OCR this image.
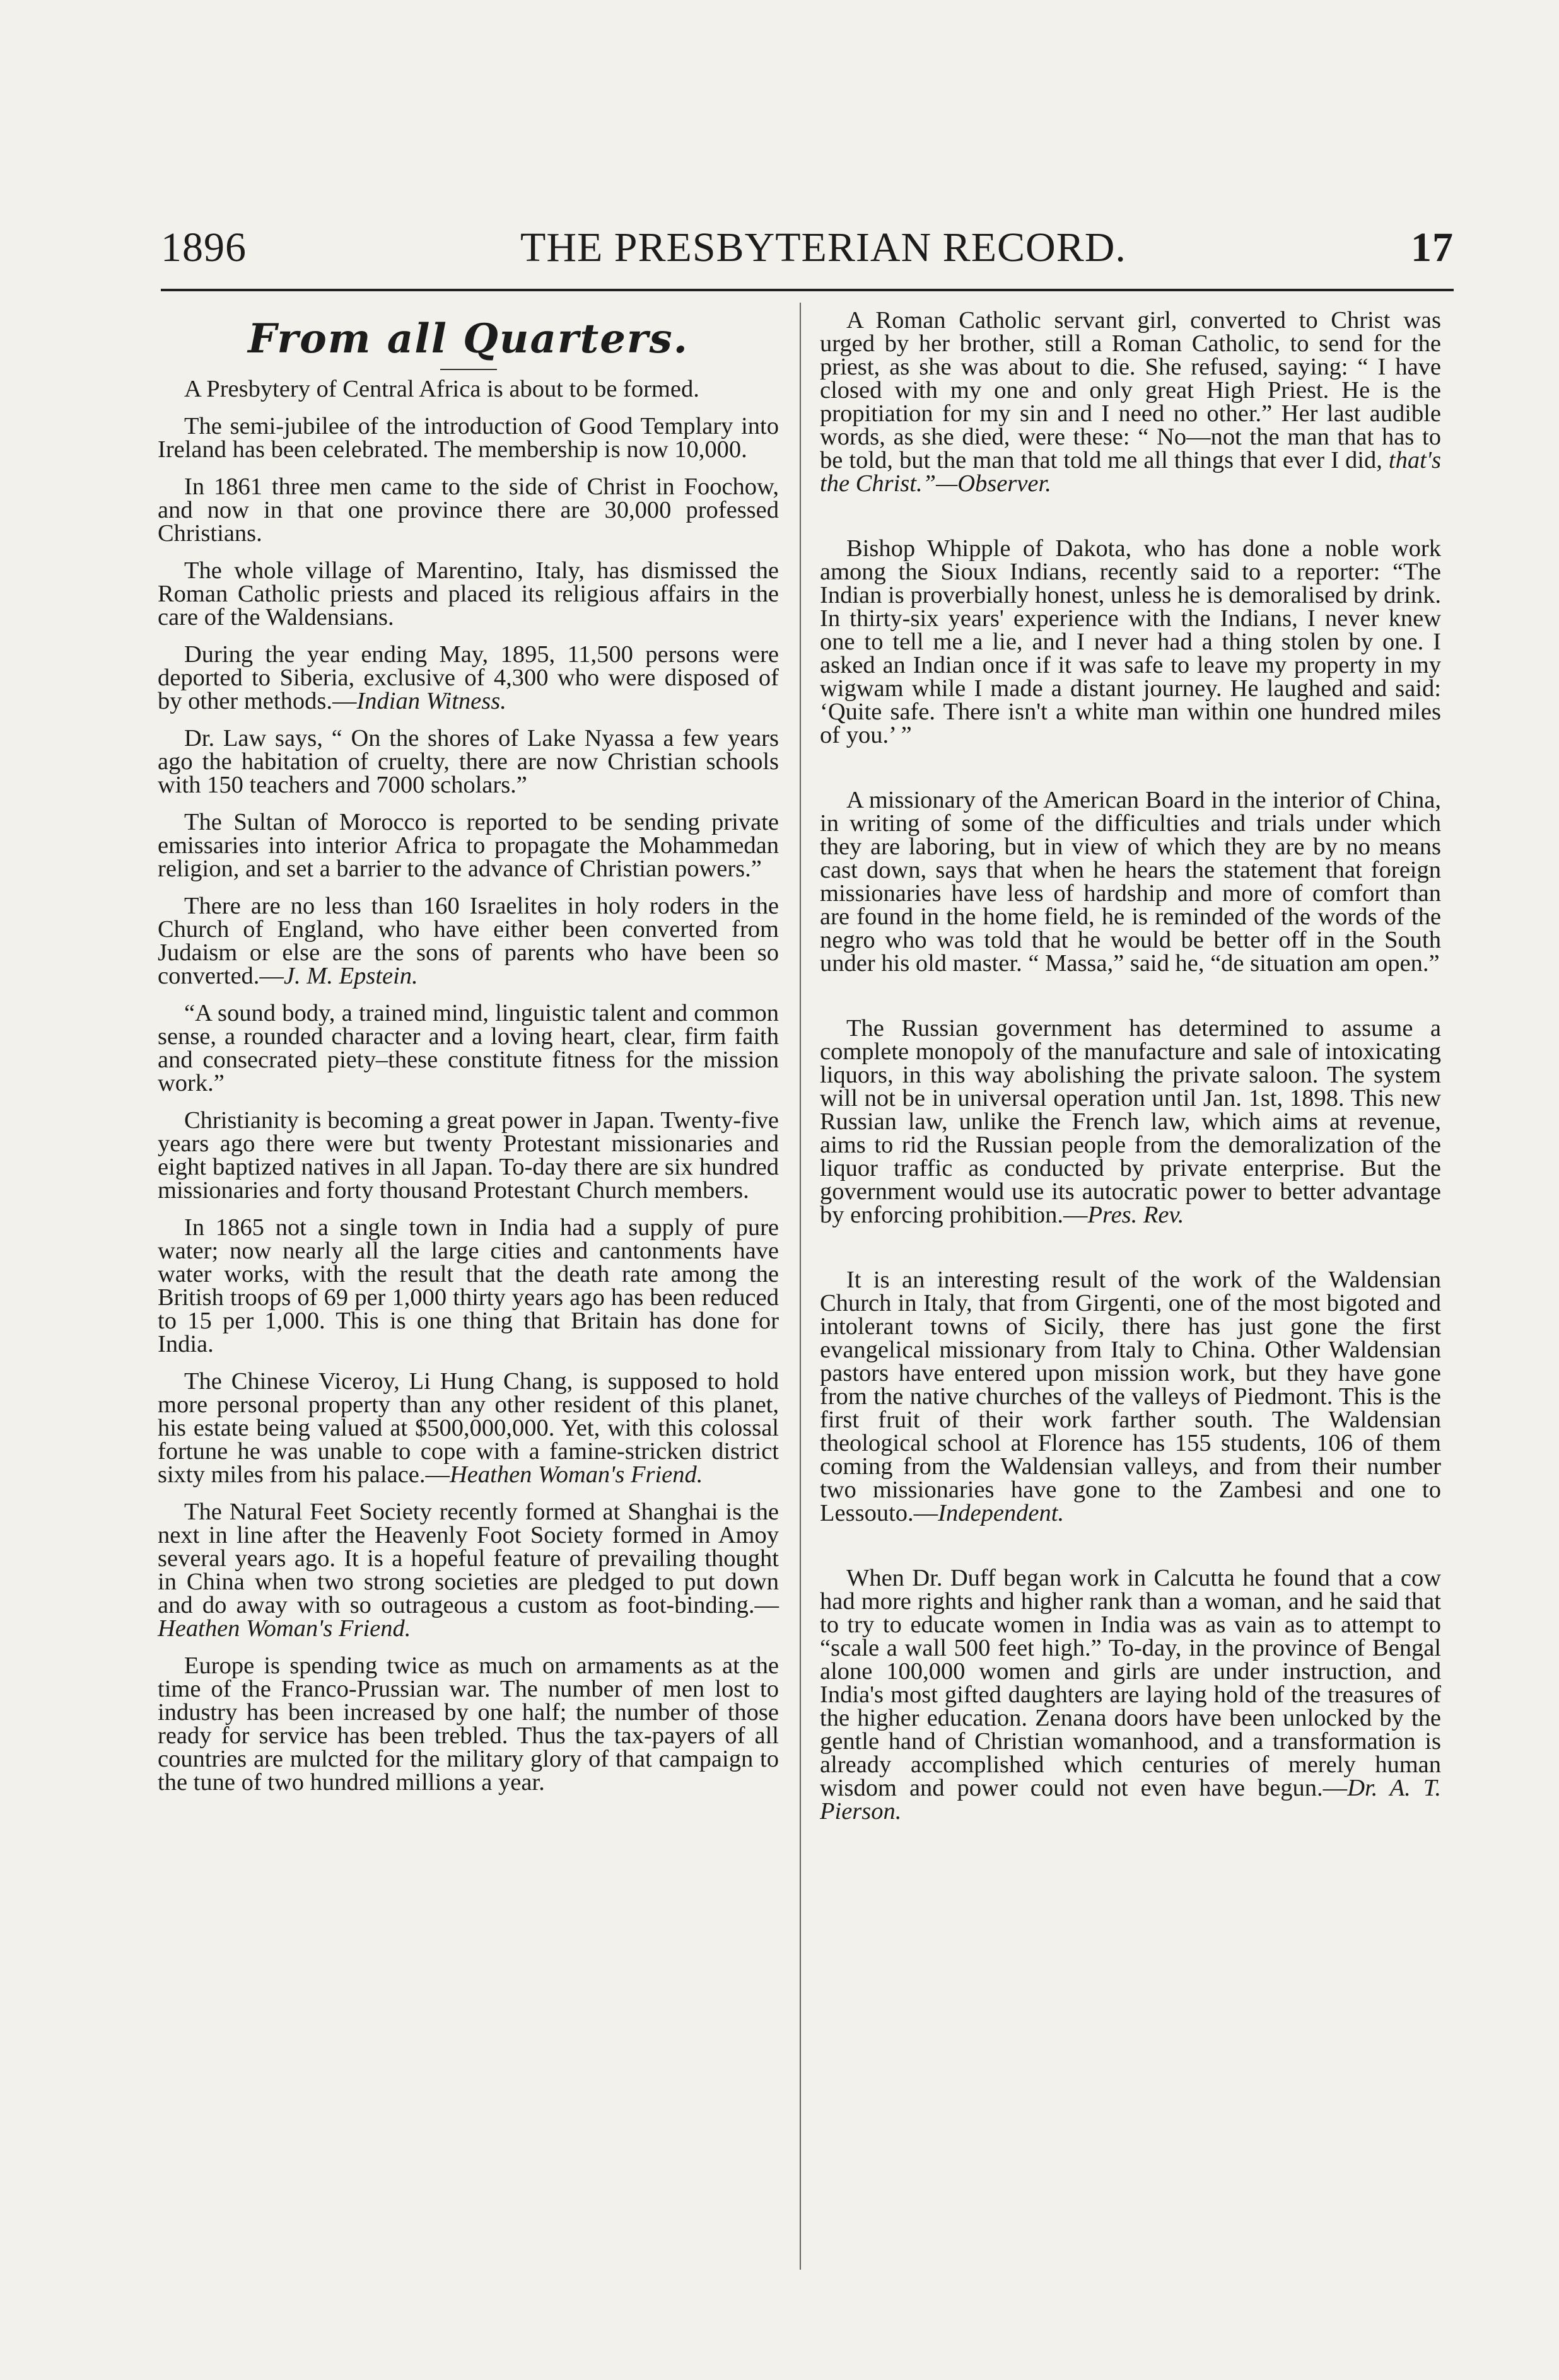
1896	THE PRESBYTERIAN RECORD.	17
From all Quarters.

A Presbytery of Central Africa is about to be formed.

The semi-jubilee of the introduction of Good Templary into Ireland has been celebrated. The membership is now 10,000.

In 1861 three men came to the side of Christ in Foochow, and now in that one province there are 30,000 professed Christians.

The whole village of Marentino, Italy, has dismissed the Roman Catholic priests and placed its religious affairs in the care of the Waldensians.

During the year ending May, 1895, 11,500 persons were deported to Siberia, exclusive of 4,300 who were disposed of by other methods.—Indian Witness.

Dr. Law says, “ On the shores of Lake Nyassa a few years ago the habitation of cruelty, there are now Christian schools with 150 teachers and 7000 scholars.”

The Sultan of Morocco is reported to be sending private emissaries into interior Africa to propagate the Mohammedan religion, and set a barrier to the advance of Christian powers.”

There are no less than 160 Israelites in holy roders in the Church of England, who have either been converted from Judaism or else are the sons of parents who have been so converted.—J. M. Epstein.

“A sound body, a trained mind, linguistic talent and common sense, a rounded character and a loving heart, clear, firm faith and consecrated piety–these constitute fitness for the mission work.”

Christianity is becoming a great power in Japan. Twenty-five years ago there were but twenty Protestant missionaries and eight baptized natives in all Japan. To-day there are six hundred missionaries and forty thousand Protestant Church members.

In 1865 not a single town in India had a supply of pure water; now nearly all the large cities and cantonments have water works, with the result that the death rate among the British troops of 69 per 1,000 thirty years ago has been reduced to 15 per 1,000. This is one thing that Britain has done for India.

The Chinese Viceroy, Li Hung Chang, is supposed to hold more personal property than any other resident of this planet, his estate being valued at $500,000,000. Yet, with this colossal fortune he was unable to cope with a famine-stricken district sixty miles from his palace.—Heathen Woman's Friend.

The Natural Feet Society recently formed at Shanghai is the next in line after the Heavenly Foot Society formed in Amoy several years ago. It is a hopeful feature of prevailing thought in China when two strong societies are pledged to put down and do away with so outrageous a custom as foot-binding.—Heathen Woman's Friend.

Europe is spending twice as much on armaments as at the time of the Franco-Prussian war. The number of men lost to industry has been increased by one half; the number of those ready for service has been trebled. Thus the tax-payers of all countries are mulcted for the military glory of that campaign to the tune of two hundred millions a year.

A Roman Catholic servant girl, converted to Christ was urged by her brother, still a Roman Catholic, to send for the priest, as she was about to die. She refused, saying: “ I have closed with my one and only great High Priest. He is the propitiation for my sin and I need no other.” Her last audible words, as she died, were these: “ No—not the man that has to be told, but the man that told me all things that ever I did, that's the Christ.”—Observer.

Bishop Whipple of Dakota, who has done a noble work among the Sioux Indians, recently said to a reporter: “The Indian is proverbially honest, unless he is demoralised by drink. In thirty-six years' experience with the Indians, I never knew one to tell me a lie, and I never had a thing stolen by one. I asked an Indian once if it was safe to leave my property in my wigwam while I made a distant journey. He laughed and said: ‘Quite safe. There isn't a white man within one hundred miles of you.’ ”

A missionary of the American Board in the interior of China, in writing of some of the difficulties and trials under which they are laboring, but in view of which they are by no means cast down, says that when he hears the statement that foreign missionaries have less of hardship and more of comfort than are found in the home field, he is reminded of the words of the negro who was told that he would be better off in the South under his old master. “ Massa,” said he, “de situation am open.”

The Russian government has determined to assume a complete monopoly of the manufacture and sale of intoxicating liquors, in this way abolishing the private saloon. The system will not be in universal operation until Jan. 1st, 1898. This new Russian law, unlike the French law, which aims at revenue, aims to rid the Russian people from the demoralization of the liquor traffic as conducted by private enterprise. But the government would use its autocratic power to better advantage by enforcing prohibition.—Pres. Rev.

It is an interesting result of the work of the Waldensian Church in Italy, that from Girgenti, one of the most bigoted and intolerant towns of Sicily, there has just gone the first evangelical missionary from Italy to China. Other Waldensian pastors have entered upon mission work, but they have gone from the native churches of the valleys of Piedmont. This is the first fruit of their work farther south. The Waldensian theological school at Florence has 155 students, 106 of them coming from the Waldensian valleys, and from their number two missionaries have gone to the Zambesi and one to Lessouto.—Independent.

When Dr. Duff began work in Calcutta he found that a cow had more rights and higher rank than a woman, and he said that to try to educate women in India was as vain as to attempt to “scale a wall 500 feet high.” To-day, in the province of Bengal alone 100,000 women and girls are under instruction, and India's most gifted daughters are laying hold of the treasures of the higher education. Zenana doors have been unlocked by the gentle hand of Christian womanhood, and a transformation is already accomplished which centuries of merely human wisdom and power could not even have begun.—Dr. A. T. Pierson.
